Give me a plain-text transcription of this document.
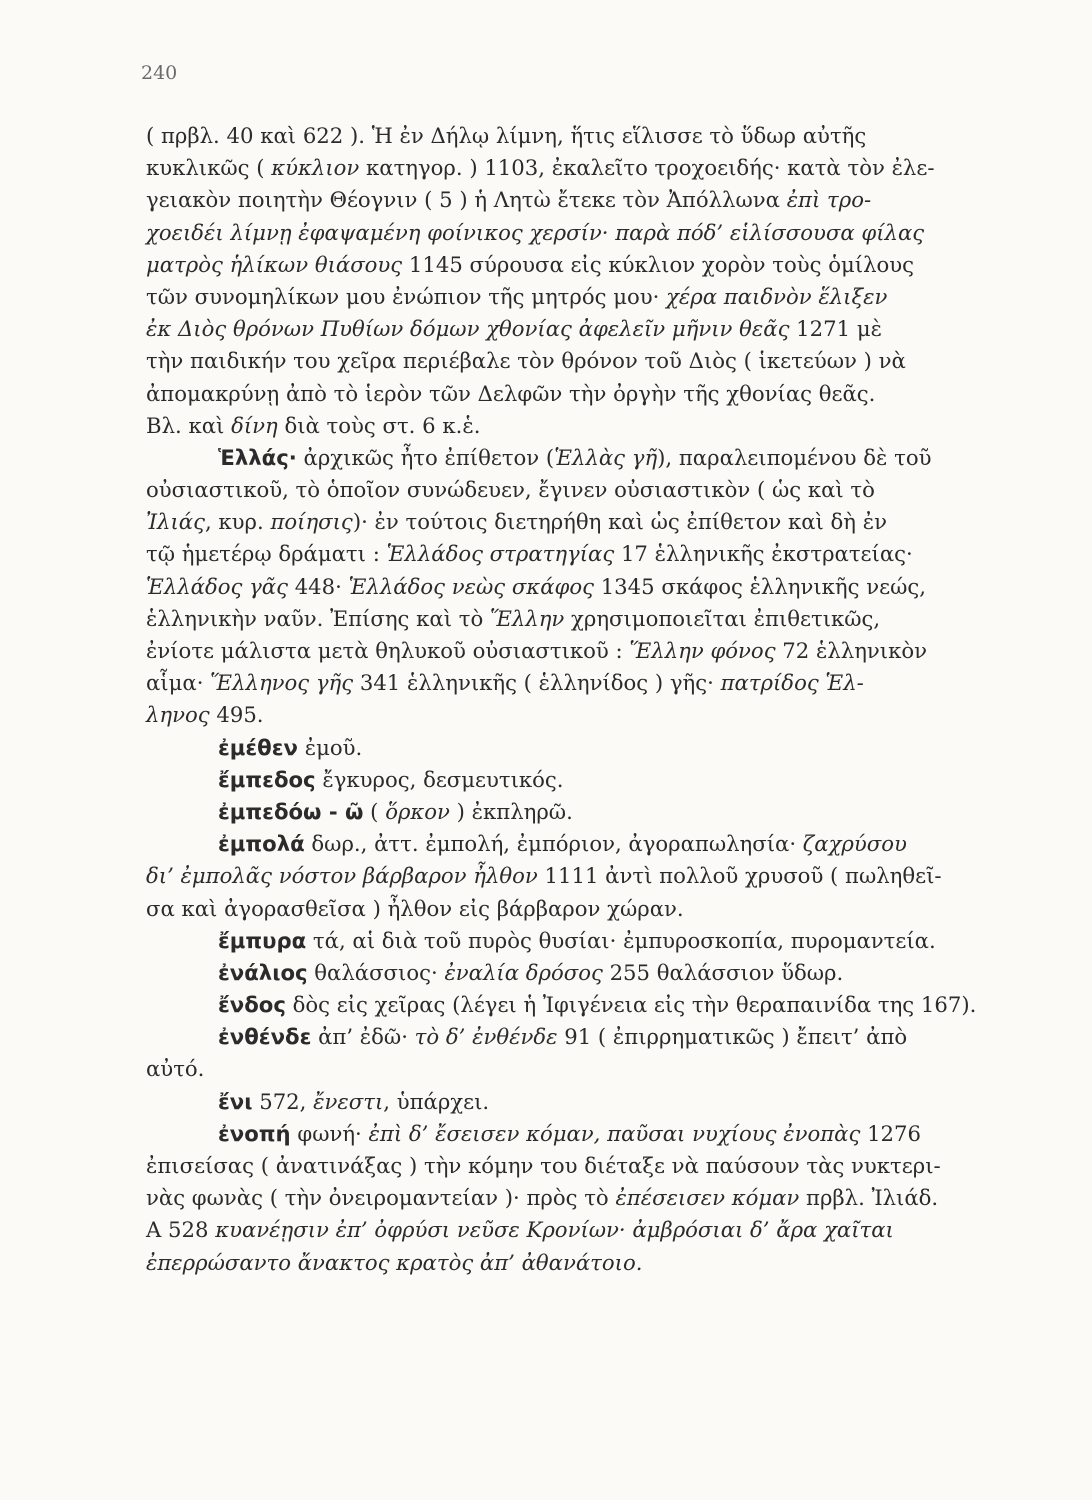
240
( πρβλ. 40 καὶ 622 ). Ἡ ἐν Δήλῳ λίμνη, ἥτις εἵλισσε τὸ ὕδωρ αὐτῆς
κυκλικῶς ( κύκλιον κατηγορ. ) 1103, ἐκαλεῖτο τροχοειδής· κατὰ τὸν ἐλε-
γειακὸν ποιητὴν Θέογνιν ( 5 ) ἡ Λητὼ ἔτεκε τὸν Ἀπόλλωνα ἐπὶ τρο-
χοειδέι λίμνῃ ἐφαψαμένη φοίνικος χερσίν· παρὰ πόδ’ εἱλίσσουσα φίλας
ματρὸς ἡλίκων θιάσους 1145 σύρουσα εἰς κύκλιον χορὸν τοὺς ὁμίλους
τῶν συνομηλίκων μου ἐνώπιον τῆς μητρός μου· χέρα παιδνὸν ἕλιξεν
ἐκ Διὸς θρόνων Πυθίων δόμων χθονίας ἀφελεῖν μῆνιν θεᾶς 1271 μὲ
τὴν παιδικήν του χεῖρα περιέβαλε τὸν θρόνον τοῦ Διὸς ( ἱκετεύων ) νὰ
ἀπομακρύνῃ ἀπὸ τὸ ἱερὸν τῶν Δελφῶν τὴν ὀργὴν τῆς χθονίας θεᾶς.
Βλ. καὶ δίνη διὰ τοὺς στ. 6 κ.ἑ.
Ἑλλάς· ἀρχικῶς ἦτο ἐπίθετον (Ἑλλὰς γῆ), παραλειπομένου δὲ τοῦ
οὐσιαστικοῦ, τὸ ὁποῖον συνώδευεν, ἔγινεν οὐσιαστικὸν ( ὡς καὶ τὸ
Ἰλιάς, κυρ. ποίησις)· ἐν τούτοις διετηρήθη καὶ ὡς ἐπίθετον καὶ δὴ ἐν
τῷ ἡμετέρῳ δράματι : Ἑλλάδος στρατηγίας 17 ἑλληνικῆς ἐκστρατείας·
Ἑλλάδος γᾶς 448· Ἑλλάδος νεὼς σκάφος 1345 σκάφος ἑλληνικῆς νεώς,
ἑλληνικὴν ναῦν. Ἐπίσης καὶ τὸ Ἕλλην χρησιμοποιεῖται ἐπιθετικῶς,
ἐνίοτε μάλιστα μετὰ θηλυκοῦ οὐσιαστικοῦ : Ἕλλην φόνος 72 ἑλληνικὸν
αἷμα· Ἕλληνος γῆς 341 ἑλληνικῆς ( ἑλληνίδος ) γῆς· πατρίδος Ἑλ-
ληνος 495.
ἐμέθεν ἐμοῦ.
ἔμπεδος ἔγκυρος, δεσμευτικός.
ἐμπεδόω - ῶ ( ὅρκον ) ἐκπληρῶ.
ἐμπολά δωρ., ἀττ. ἐμπολή, ἐμπόριον, ἀγοραπωλησία· ζαχρύσου
δι’ ἐμπολᾶς νόστον βάρβαρον ἦλθον 1111 ἀντὶ πολλοῦ χρυσοῦ ( πωληθεῖ-
σα καὶ ἀγορασθεῖσα ) ἦλθον εἰς βάρβαρον χώραν.
ἔμπυρα τά, αἱ διὰ τοῦ πυρὸς θυσίαι· ἐμπυροσκοπία, πυρομαντεία.
ἐνάλιος θαλάσσιος· ἐναλία δρόσος 255 θαλάσσιον ὕδωρ.
ἔνδος δὸς εἰς χεῖρας (λέγει ἡ Ἰφιγένεια εἰς τὴν θεραπαινίδα της 167).
ἐνθένδε ἀπ’ ἐδῶ· τὸ δ’ ἐνθένδε 91 ( ἐπιρρηματικῶς ) ἔπειτ’ ἀπὸ
αὐτό.
ἔνι 572, ἔνεστι, ὑπάρχει.
ἐνοπή φωνή· ἐπὶ δ’ ἔσεισεν κόμαν, παῦσαι νυχίους ἐνοπὰς 1276
ἐπισείσας ( ἀνατινάξας ) τὴν κόμην του διέταξε νὰ παύσουν τὰς νυκτερι-
νὰς φωνὰς ( τὴν ὀνειρομαντείαν )· πρὸς τὸ ἐπέσεισεν κόμαν πρβλ. Ἰλιάδ.
Α 528 κυανέῃσιν ἐπ’ ὀφρύσι νεῦσε Κρονίων· ἀμβρόσιαι δ’ ἄρα χαῖται
ἐπερρώσαντο ἄνακτος κρατὸς ἀπ’ ἀθανάτοιο.
